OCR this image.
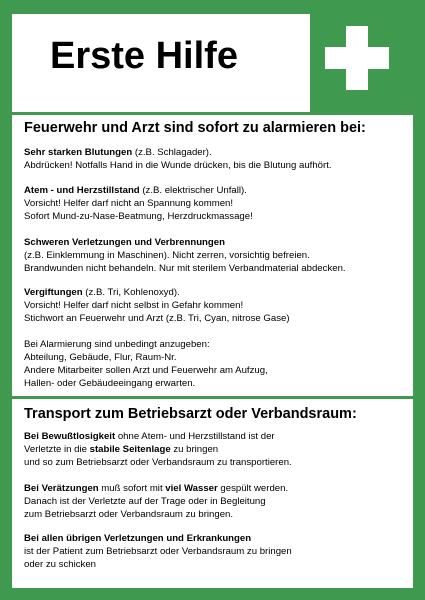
Erste Hilfe
Feuerwehr und Arzt sind sofort zu alarmieren bei:
Sehr starken Blutungen (z.B. Schlagader).
Abdrücken! Notfalls Hand in die Wunde drücken, bis die Blutung aufhört.
Atem - und Herzstillstand (z.B. elektrischer Unfall).
Vorsicht! Helfer darf nicht an Spannung kommen!
Sofort Mund-zu-Nase-Beatmung, Herzdruckmassage!
Schweren Verletzungen und Verbrennungen
(z.B. Einklemmung in Maschinen). Nicht zerren, vorsichtig befreien.
Brandwunden nicht behandeln. Nur mit sterilem Verbandmaterial abdecken.
Vergiftungen (z.B. Tri, Kohlenoxyd).
Vorsicht! Helfer darf nicht selbst in Gefahr kommen!
Stichwort an Feuerwehr und Arzt (z.B. Tri, Cyan, nitrose Gase)
Bei Alarmierung sind unbedingt anzugeben:
Abteilung, Gebäude, Flur, Raum-Nr.
Andere Mitarbeiter sollen Arzt und Feuerwehr am Aufzug,
Hallen- oder Gebäudeeingang erwarten.
Transport zum Betriebsarzt oder Verbandsraum:
Bei Bewußtlosigkeit ohne Atem- und Herzstillstand ist der
Verletzte in die stabile Seitenlage zu bringen
und so zum Betriebsarzt oder Verbandsraum zu transportieren.
Bei Verätzungen muß sofort mit viel Wasser gespült werden.
Danach ist der Verletzte auf der Trage oder in Begleitung
zum Betriebsarzt oder Verbandsraum zu bringen.
Bei allen übrigen Verletzungen und Erkrankungen
ist der Patient zum Betriebsarzt oder Verbandsraum zu bringen
oder zu schicken
